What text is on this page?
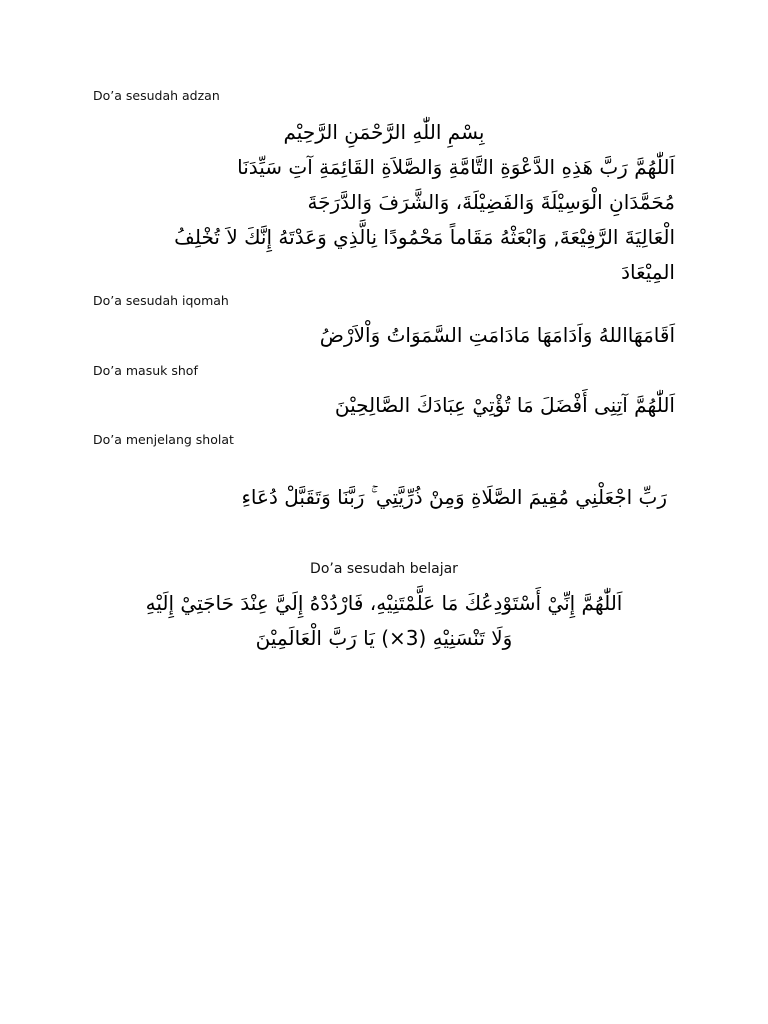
Do’a sesudah adzan
بِسْمِ اللّٰهِ الرَّحْمَنِ الرَّحِيْم
اَللّٰهُمَّ رَبَّ هَذِهِ الدَّعْوَةِ التَّامَّةِ وَالصَّلاَةِ القَائِمَةِ آتِ سَيِّدَنَا
مُحَمَّدَانِ الْوَسِيْلَةَ وَالفَضِيْلَةَ، وَالشَّرَفَ وَالدَّرَجَةَ
الْعَالِيَةَ الرَّفِيْعَةَ, وَابْعَثْهُ مَقَاماً مَحْمُودًا نِالَّذِي وَعَدْتَهُ إِنَّكَ لاَ تُخْلِفُ
المِيْعَادَ
Do’a sesudah iqomah
اَقَامَهَااللهُ وَاَدَامَهَا مَادَامَتِ السَّمَوَاتُ وَاْلاَرْضُ
Do’a masuk shof
اَللّٰهُمَّ آتِنِى أَفْضَلَ مَا تُؤْتِيْ عِبَادَكَ الصَّالِحِيْنَ
Do’a menjelang sholat
رَبِّ اجْعَلْنِي مُقِيمَ الصَّلَاةِ وَمِنْ ذُرِّيَّتِي ۚ رَبَّنَا وَتَقَبَّلْ دُعَاءِ
Do’a sesudah belajar
اَللّٰهُمَّ إِنِّيْ أَسْتَوْدِعُكَ مَا عَلَّمْتَنِيْهِ، فَارْدُدْهُ إِلَيَّ عِنْدَ حَاجَتِيْ إِلَيْهِ
وَلَا تَنْسَنِيْهِ (3×) يَا رَبَّ الْعَالَمِيْنَ
